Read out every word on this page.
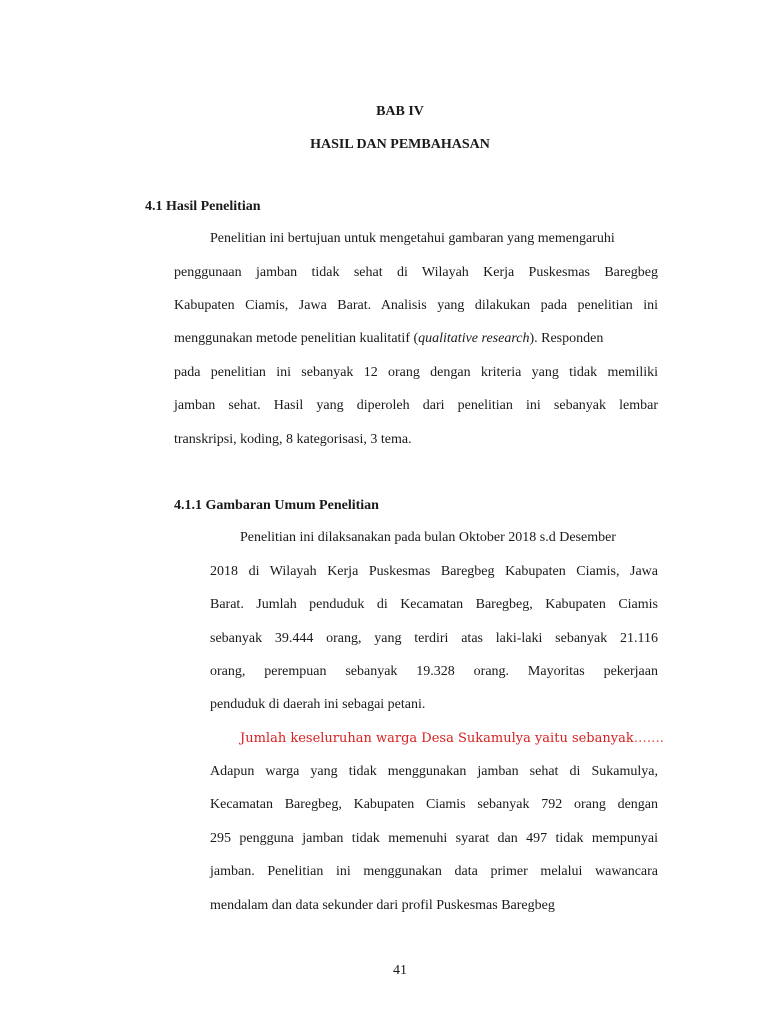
BAB IV
HASIL DAN PEMBAHASAN
4.1 Hasil Penelitian
Penelitian ini bertujuan untuk mengetahui gambaran yang memengaruhi
penggunaan jamban tidak sehat di Wilayah Kerja Puskesmas Baregbeg
Kabupaten Ciamis, Jawa Barat. Analisis yang dilakukan pada penelitian ini
menggunakan metode penelitian kualitatif (qualitative research). Responden
pada penelitian ini sebanyak 12 orang dengan kriteria yang tidak memiliki
jamban sehat. Hasil yang diperoleh dari penelitian ini sebanyak lembar
transkripsi, koding, 8 kategorisasi, 3 tema.
4.1.1 Gambaran Umum Penelitian
Penelitian ini dilaksanakan pada bulan Oktober 2018 s.d Desember
2018 di Wilayah Kerja Puskesmas Baregbeg Kabupaten Ciamis, Jawa
Barat. Jumlah penduduk di Kecamatan Baregbeg, Kabupaten Ciamis
sebanyak 39.444 orang, yang terdiri atas laki-laki sebanyak 21.116
orang, perempuan sebanyak 19.328 orang. Mayoritas pekerjaan
penduduk di daerah ini sebagai petani.
Jumlah keseluruhan warga Desa Sukamulya yaitu sebanyak…….
Adapun warga yang tidak menggunakan jamban sehat di Sukamulya,
Kecamatan Baregbeg, Kabupaten Ciamis sebanyak 792 orang dengan
295 pengguna jamban tidak memenuhi syarat dan 497 tidak mempunyai
jamban. Penelitian ini menggunakan data primer melalui wawancara
mendalam dan data sekunder dari profil Puskesmas Baregbeg
41
